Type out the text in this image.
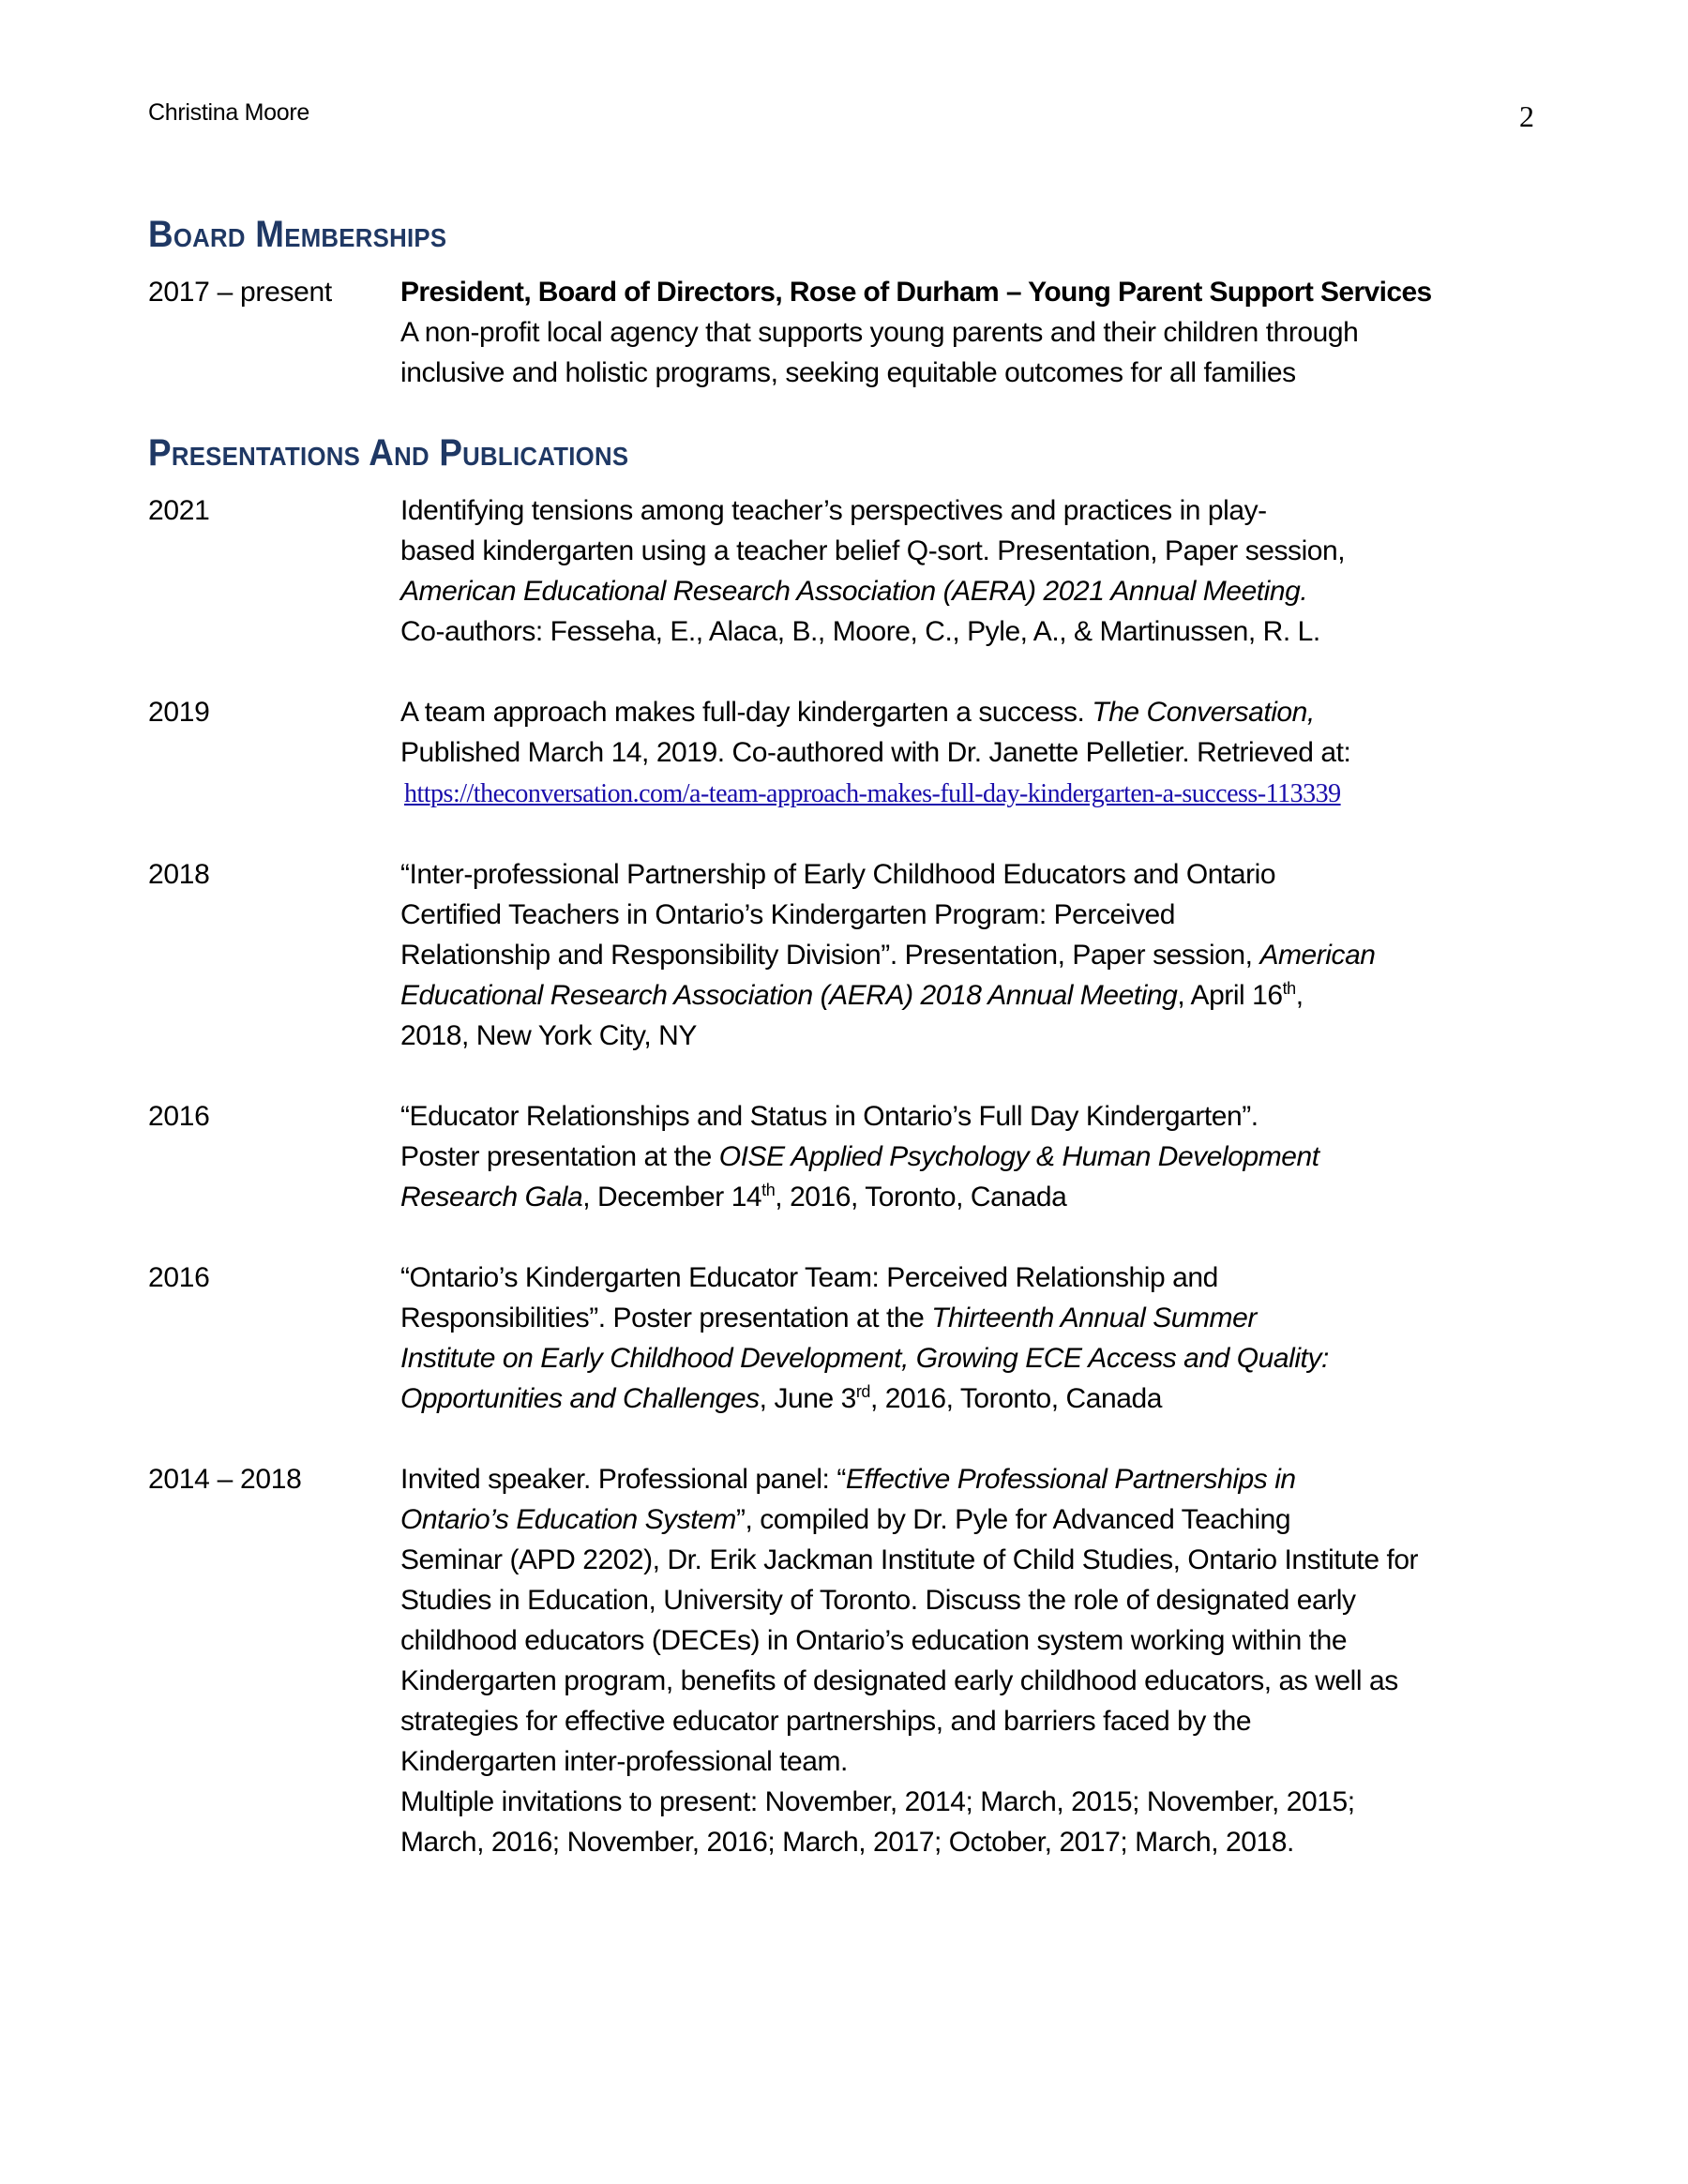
Christina Moore	2
Board Memberships
2017 – present	President, Board of Directors, Rose of Durham – Young Parent Support Services
A non-profit local agency that supports young parents and their children through
inclusive and holistic programs, seeking equitable outcomes for all families
Presentations And Publications
2021	Identifying tensions among teacher’s perspectives and practices in play-
based kindergarten using a teacher belief Q-sort. Presentation, Paper session,
American Educational Research Association (AERA) 2021 Annual Meeting.
Co-authors: Fesseha, E., Alaca, B., Moore, C., Pyle, A., & Martinussen, R. L.
2019	A team approach makes full-day kindergarten a success. The Conversation,
Published March 14, 2019. Co-authored with Dr. Janette Pelletier. Retrieved at:
https://theconversation.com/a-team-approach-makes-full-day-kindergarten-a-success-113339
2018	“Inter-professional Partnership of Early Childhood Educators and Ontario
Certified Teachers in Ontario’s Kindergarten Program: Perceived
Relationship and Responsibility Division”. Presentation, Paper session, American
Educational Research Association (AERA) 2018 Annual Meeting, April 16th,
2018, New York City, NY
2016	“Educator Relationships and Status in Ontario’s Full Day Kindergarten”.
Poster presentation at the OISE Applied Psychology & Human Development
Research Gala, December 14th, 2016, Toronto, Canada
2016	“Ontario’s Kindergarten Educator Team: Perceived Relationship and
Responsibilities”. Poster presentation at the Thirteenth Annual Summer
Institute on Early Childhood Development, Growing ECE Access and Quality:
Opportunities and Challenges, June 3rd, 2016, Toronto, Canada
2014 – 2018	Invited speaker. Professional panel: “Effective Professional Partnerships in
Ontario’s Education System”, compiled by Dr. Pyle for Advanced Teaching
Seminar (APD 2202), Dr. Erik Jackman Institute of Child Studies, Ontario Institute for
Studies in Education, University of Toronto. Discuss the role of designated early
childhood educators (DECEs) in Ontario’s education system working within the
Kindergarten program, benefits of designated early childhood educators, as well as
strategies for effective educator partnerships, and barriers faced by the
Kindergarten inter-professional team.
Multiple invitations to present: November, 2014; March, 2015; November, 2015;
March, 2016; November, 2016; March, 2017; October, 2017; March, 2018.
